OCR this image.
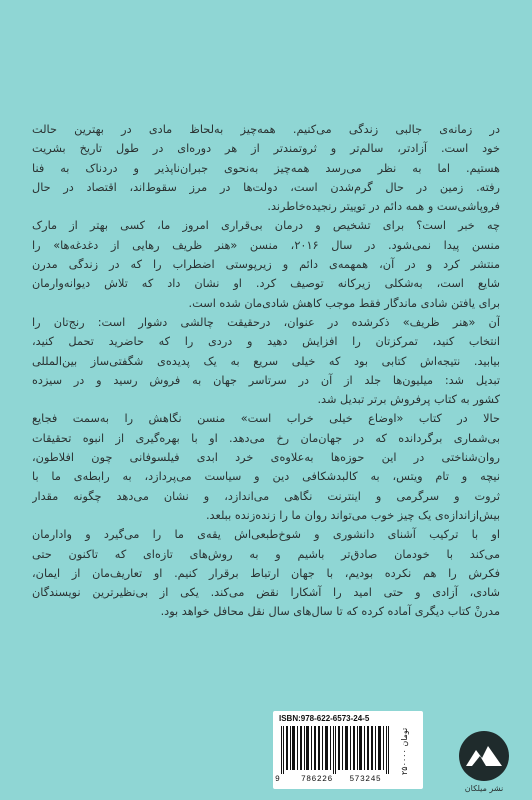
در زمانه‌ی جالبی زندگی می‌کنیم. همه‌چیز به‌لحاظ مادی در بهترین حالت
خود است. آزادتر، سالم‌تر و ثروتمندتر از هر دوره‌ای در طول تاریخ بشریت
هستیم. اما به نظر می‌رسد همه‌چیز به‌نحوی جبران‌ناپذیر و دردناک به فنا
رفته. زمین در حال گرم‌شدن است، دولت‌ها در مرز سقوط‌اند، اقتصاد در حال
فروپاشی‌ست و همه دائم در توییتر رنجیده‌خاطرند.
چه خبر است؟ برای تشخیص و درمان بی‌قراری امروز ما، کسی بهتر از مارک
منسن پیدا نمی‌شود. در سال ۲۰۱۶، منسن «هنر ظریف رهایی از دغدغه‌ها» را
منتشر کرد و در آن، همهمه‌ی دائم و زیرپوستی اضطراب را که در زندگی مدرن
شایع است، به‌شکلی زیرکانه توصیف کرد. او نشان داد که تلاش دیوانه‌وارمان
برای یافتن شادی ماندگار فقط موجب کاهش شادی‌مان شده است.
آن «هنر ظریف» ذکرشده در عنوان، درحقیقت چالشی دشوار است: رنج‌تان را
انتخاب کنید، تمرکزتان را افزایش دهید و دردی را که حاضرید تحمل کنید،
بیابید. نتیجه‌اش کتابی بود که خیلی سریع به یک پدیده‌ی شگفتی‌ساز بین‌المللی
تبدیل شد: میلیون‌ها جلد از آن در سرتاسر جهان به فروش رسید و در سیزده
کشور به کتاب پرفروش برتر تبدیل شد.
حالا در کتاب «اوضاع خیلی خراب است» منسن نگاهش را به‌سمت فجایع
بی‌شماری برگردانده که در جهان‌مان رخ می‌دهد. او با بهره‌گیری از انبوه تحقیقات
روان‌شناختی در این حوزه‌ها به‌علاوه‌ی خرد ابدی فیلسوفانی چون افلاطون،
نیچه و تام ویتس، به کالبدشکافی دین و سیاست می‌پردازد، به رابطه‌ی ما با
ثروت و سرگرمی و اینترنت نگاهی می‌اندازد، و نشان می‌دهد چگونه مقدار
بیش‌ازاندازه‌ی یک چیز خوب می‌تواند روان ما را زنده‌زنده ببلعد.
او با ترکیب آشنای دانشوری و شوخ‌طبعی‌اش یقه‌ی ما را می‌گیرد و وادارمان
می‌کند با خودمان صادق‌تر باشیم و به روش‌های تازه‌ای که تاکنون حتی
فکرش را هم نکرده بودیم، با جهان ارتباط برقرار کنیم. او تعاریف‌مان از ایمان،
شادی، آزادی و حتی امید را آشکارا نقض می‌کند. یکی از بی‌نظیرترین نویسندگان
مدرنْ کتاب دیگری آماده کرده که تا سال‌های سال نقل محافل خواهد بود.
ISBN:978-622-6573-24-5
9	786226 573245
۲۵۰۰۰۰ تومان
نشر میلکان
